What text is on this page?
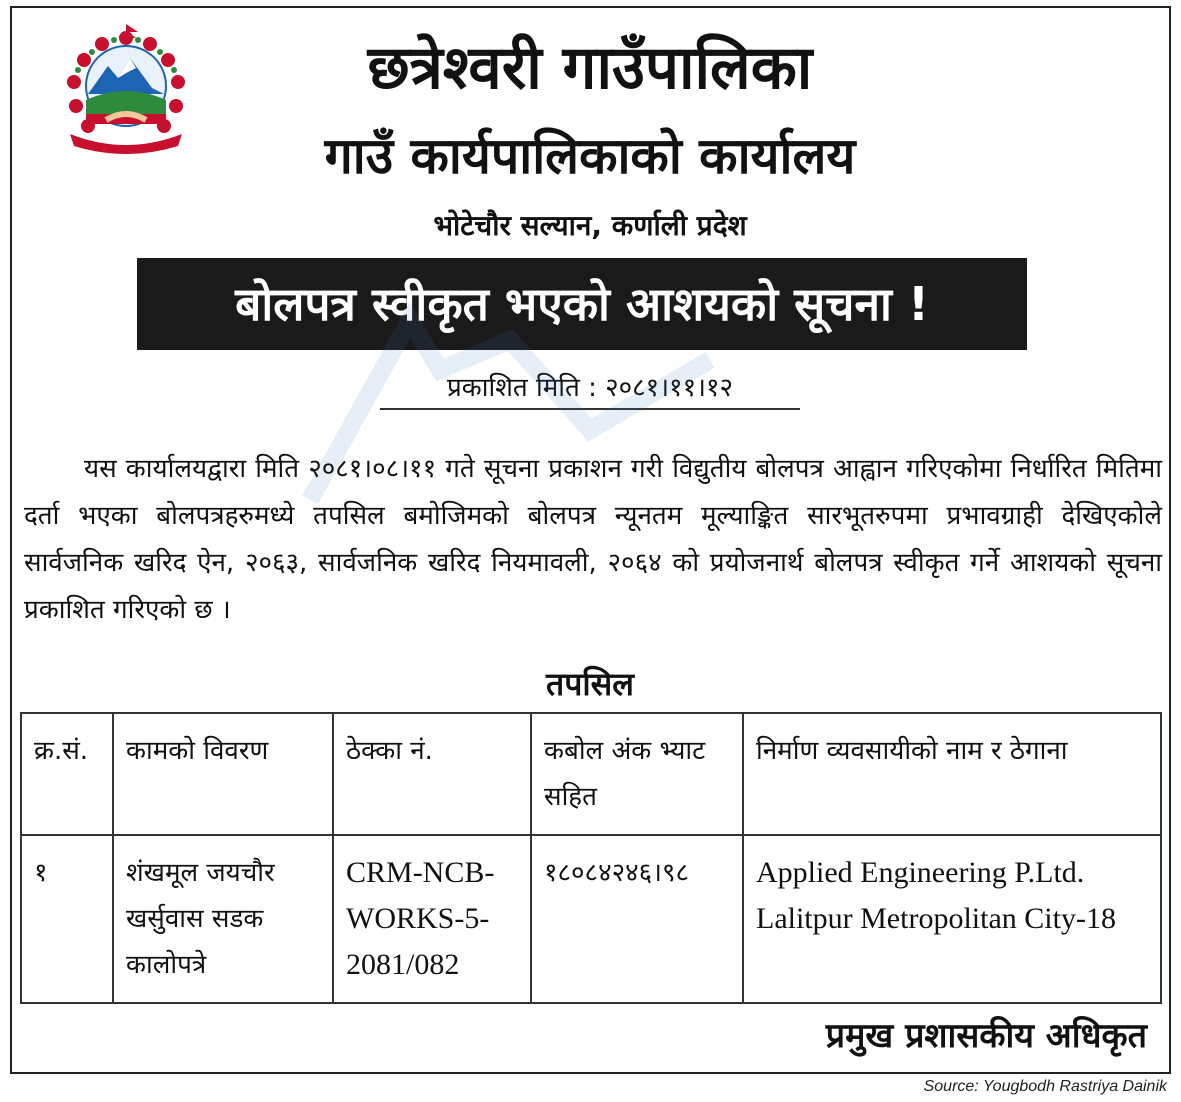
छत्रेश्वरी गाउँपालिका
गाउँ कार्यपालिकाको कार्यालय
भोटेचौर सल्यान, कर्णाली प्रदेश
बोलपत्र स्वीकृत भएको आशयको सूचना !
प्रकाशित मिति : २०८१।११।१२

यस कार्यालयद्वारा मिति २०८१।०८।११ गते सूचना प्रकाशन गरी विद्युतीय बोलपत्र आह्वान गरिएकोमा निर्धारित मितिमा दर्ता भएका बोलपत्रहरुमध्ये तपसिल बमोजिमको बोलपत्र न्यूनतम मूल्याङ्कित सारभूतरुपमा प्रभावग्राही देखिएकोले सार्वजनिक खरिद ऐन, २०६३, सार्वजनिक खरिद नियमावली, २०६४ को प्रयोजनार्थ बोलपत्र स्वीकृत गर्ने आशयको सूचना प्रकाशित गरिएको छ ।

तपसिल
क्र.सं.	कामको विवरण	ठेक्का नं.	कबोल अंक भ्याट सहित	निर्माण व्यवसायीको नाम र ठेगाना
१	शंखमूल जयचौर खर्सुवास सडक कालोपत्रे	CRM-NCB-WORKS-5-2081/082	१८०८४२४६।९८	Applied Engineering P.Ltd. Lalitpur Metropolitan City-18
प्रमुख प्रशासकीय अधिकृत
Source: Yougbodh Rastriya Dainik
